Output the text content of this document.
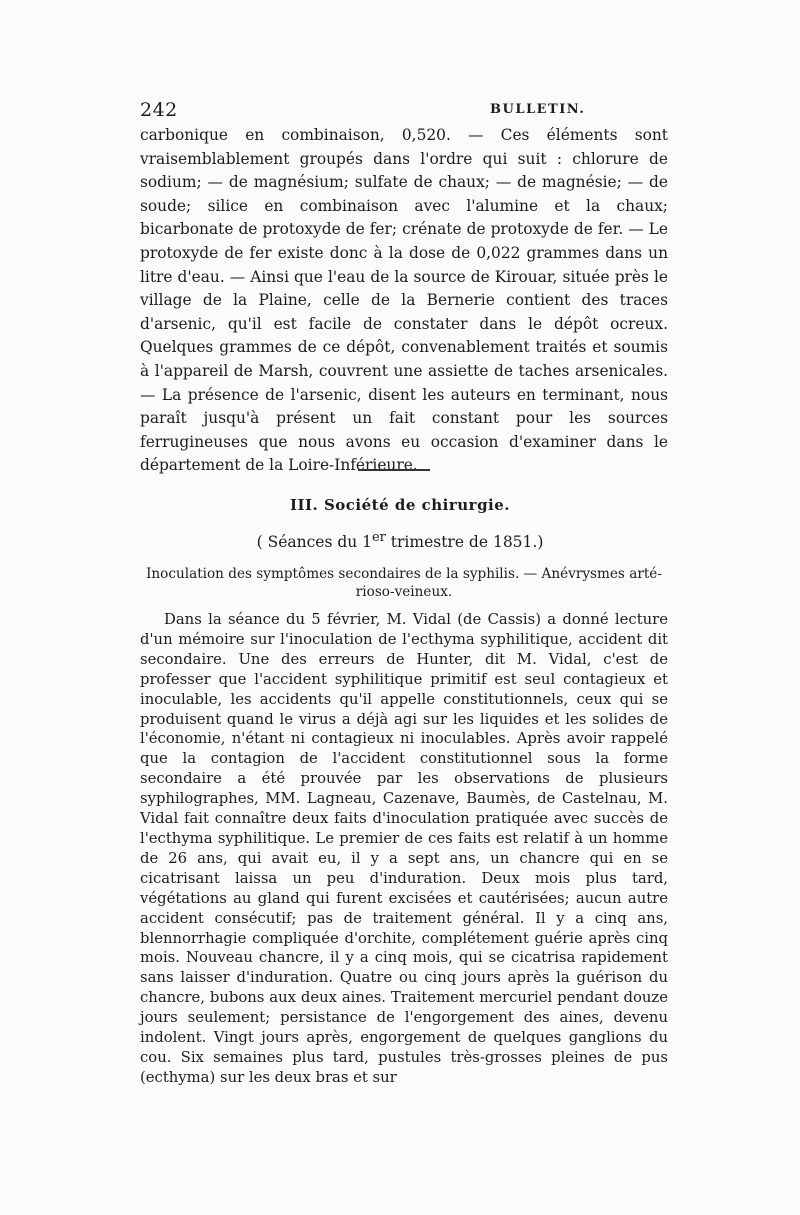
242	BULLETIN.

carbonique en combinaison, 0,520. — Ces éléments sont vraisemblablement groupés dans l'ordre qui suit : chlorure de sodium; — de magnésium; sulfate de chaux; — de magnésie; — de soude; silice en combinaison avec l'alumine et la chaux; bicarbonate de protoxyde de fer; crénate de protoxyde de fer. — Le protoxyde de fer existe donc à la dose de 0,022 grammes dans un litre d'eau. — Ainsi que l'eau de la source de Kirouar, située près le village de la Plaine, celle de la Bernerie contient des traces d'arsenic, qu'il est facile de constater dans le dépôt ocreux. Quelques grammes de ce dépôt, convenablement traités et soumis à l'appareil de Marsh, couvrent une assiette de taches arsenicales. — La présence de l'arsenic, disent les auteurs en terminant, nous paraît jusqu'à présent un fait constant pour les sources ferrugineuses que nous avons eu occasion d'examiner dans le département de la Loire-Inférieure.

III. Société de chirurgie.
( Séances du 1er trimestre de 1851.)
Inoculation des symptômes secondaires de la syphilis. — Anévrysmes arté-
rioso-veineux.

Dans la séance du 5 février, M. Vidal (de Cassis) a donné lecture d'un mémoire sur l'inoculation de l'ecthyma syphilitique, accident dit secondaire. Une des erreurs de Hunter, dit M. Vidal, c'est de professer que l'accident syphilitique primitif est seul contagieux et inoculable, les accidents qu'il appelle constitutionnels, ceux qui se produisent quand le virus a déjà agi sur les liquides et les solides de l'économie, n'étant ni contagieux ni inoculables. Après avoir rappelé que la contagion de l'accident constitutionnel sous la forme secondaire a été prouvée par les observations de plusieurs syphilographes, MM. Lagneau, Cazenave, Baumès, de Castelnau, M. Vidal fait connaître deux faits d'inoculation pratiquée avec succès de l'ecthyma syphilitique. Le premier de ces faits est relatif à un homme de 26 ans, qui avait eu, il y a sept ans, un chancre qui en se cicatrisant laissa un peu d'induration. Deux mois plus tard, végétations au gland qui furent excisées et cautérisées; aucun autre accident consécutif; pas de traitement général. Il y a cinq ans, blennorrhagie compliquée d'orchite, complétement guérie après cinq mois. Nouveau chancre, il y a cinq mois, qui se cicatrisa rapidement sans laisser d'induration. Quatre ou cinq jours après la guérison du chancre, bubons aux deux aines. Traitement mercuriel pendant douze jours seulement; persistance de l'engorgement des aines, devenu indolent. Vingt jours après, engorgement de quelques ganglions du cou. Six semaines plus tard, pustules très-grosses pleines de pus (ecthyma) sur les deux bras et sur
